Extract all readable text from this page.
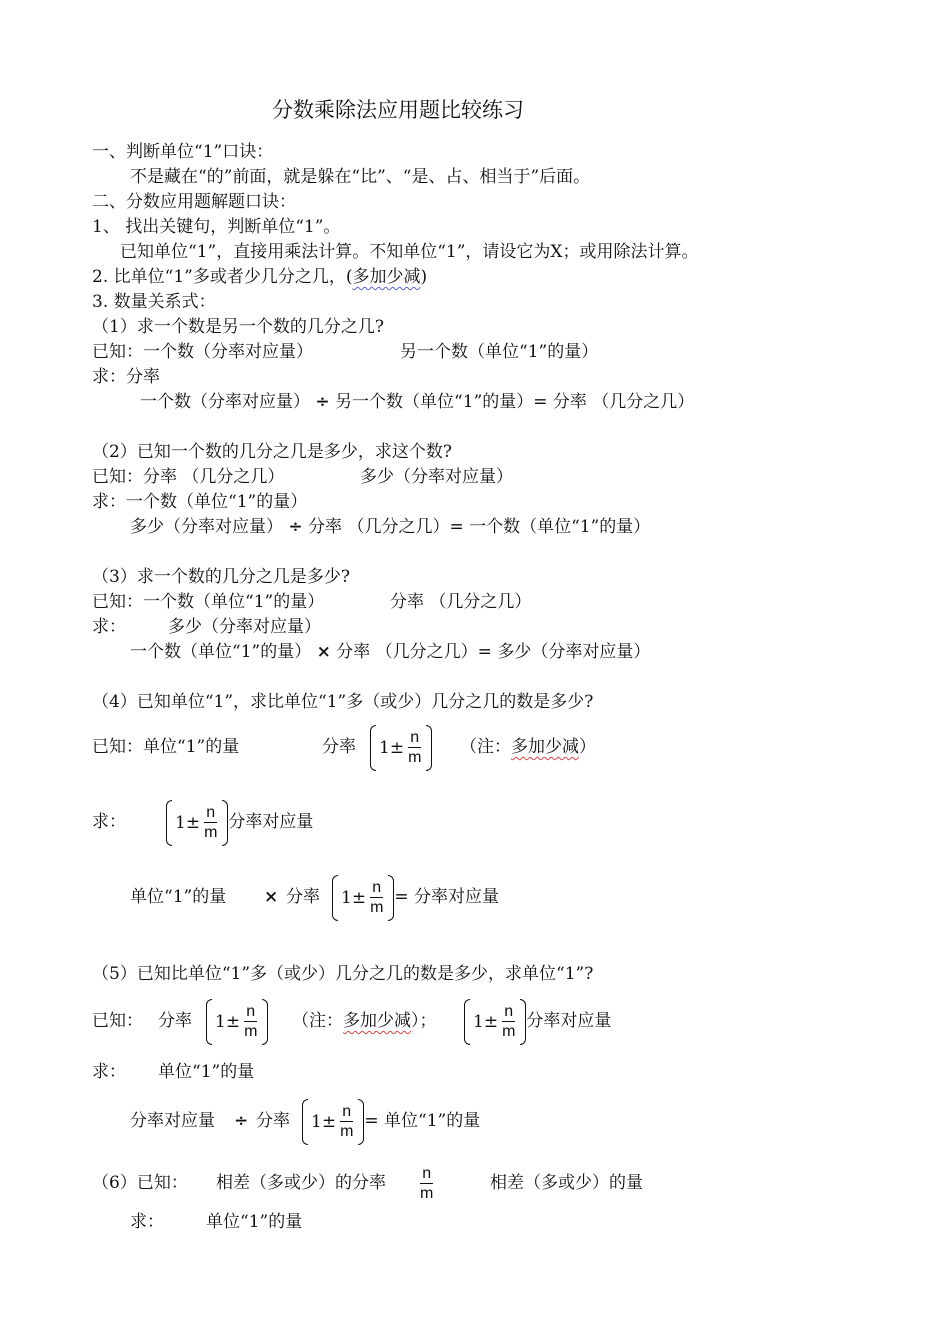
分数乘除法应用题比较练习
一、判断单位“1”口诀：
不是藏在“的”前面，就是躲在“比”、“是、占、相当于”后面。
二、分数应用题解题口诀：
1、 找出关键句，判断单位“1”。
已知单位“1”，直接用乘法计算。不知单位“1”，请设它为X；或用除法计算。
2. 比单位“1”多或者少几分之几，(多加少减)
3. 数量关系式：
（1）求一个数是另一个数的几分之几?
已知：一个数（分率对应量）	另一个数（单位“1”的量）
求：分率
一个数（分率对应量） ÷ 另一个数（单位“1”的量）= 分率 （几分之几）
（2）已知一个数的几分之几是多少，求这个数?
已知：分率 （几分之几）	多少（分率对应量）
求：一个数（单位“1”的量）
多少（分率对应量） ÷ 分率 （几分之几）= 一个数（单位“1”的量）
（3）求一个数的几分之几是多少?
已知：一个数（单位“1”的量）	分率 （几分之几）
求： 多少（分率对应量）
一个数（单位“1”的量） × 分率 （几分之几）= 多少（分率对应量）
（4）已知单位“1”，求比单位“1”多（或少）几分之几的数是多少?
已知：单位“1”的量	分率 $1\pm \frac{n}{m}$ （注：多加少减）
求：	$1\pm \frac{n}{m}$ 分率对应量
单位“1”的量 × 分率 $1\pm \frac{n}{m}$ = 分率对应量
（5）已知比单位“1”多（或少）几分之几的数是多少，求单位“1”?
已知： 分率 $1\pm \frac{n}{m}$ （注：多加少减）； $1\pm \frac{n}{m}$ 分率对应量
求： 单位“1”的量
分率对应量 ÷ 分率 $1\pm \frac{n}{m}$ = 单位“1”的量
（6）已知： 相差（多或少）的分率 $\frac{n}{m}$	相差（多或少）的量
求： 单位“1”的量
